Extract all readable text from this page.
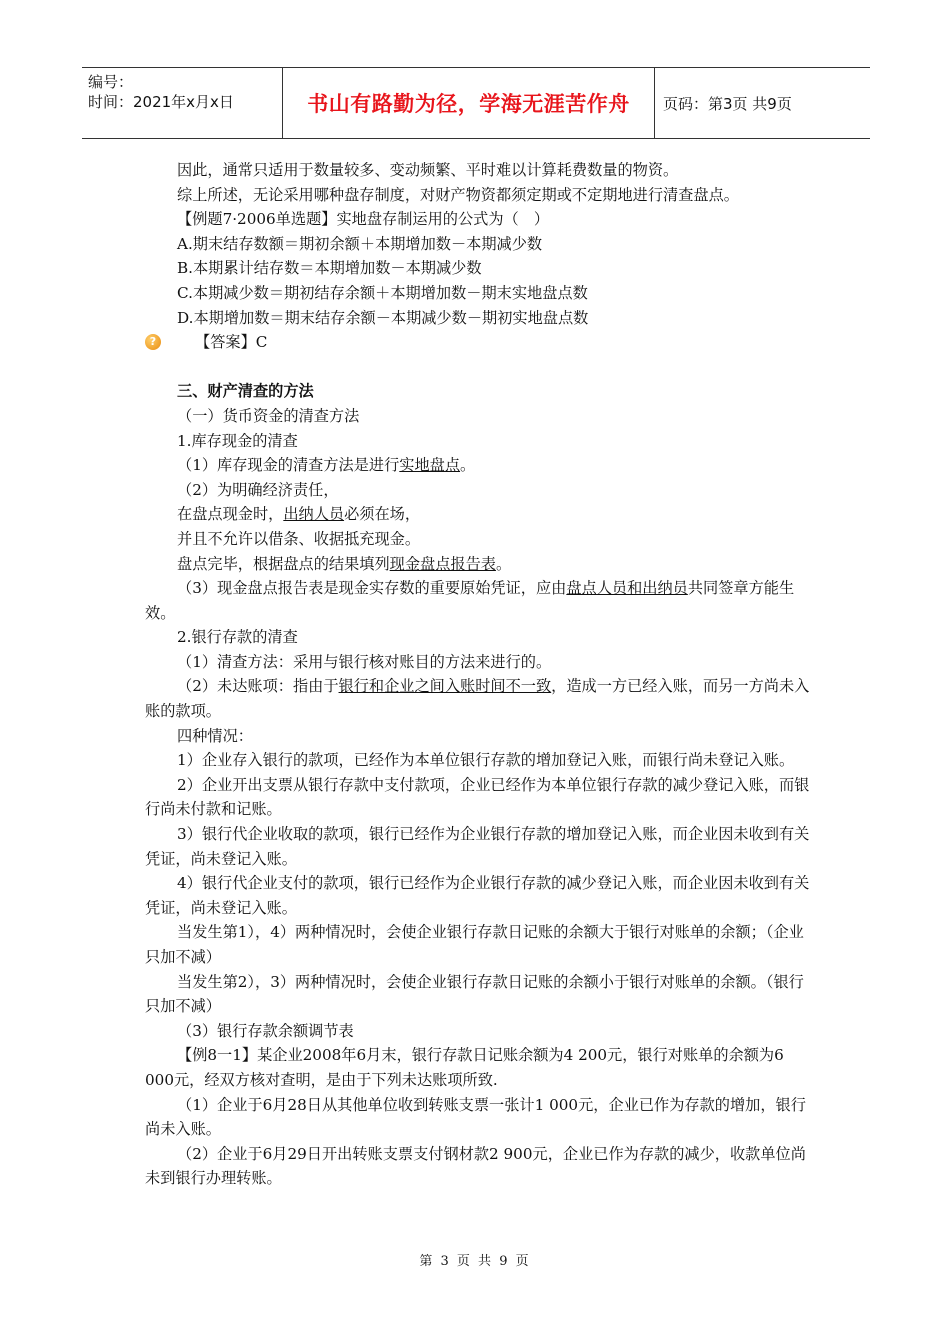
编号：
时间：2021年x月x日	书山有路勤为径，学海无涯苦作舟	页码：第3页 共9页

因此，通常只适用于数量较多、变动频繁、平时难以计算耗费数量的物资。

综上所述，无论采用哪种盘存制度，对财产物资都须定期或不定期地进行清查盘点。

【例题7·2006单选题】实地盘存制运用的公式为（　）

A.期末结存数额＝期初余额＋本期增加数－本期减少数

B.本期累计结存数＝本期增加数－本期减少数

C.本期减少数＝期初结存余额＋本期增加数－期末实地盘点数

D.本期增加数＝期末结存余额－本期减少数－期初实地盘点数

?	【答案】C

三、财产清查的方法

（一）货币资金的清查方法

1.库存现金的清查

（1）库存现金的清查方法是进行实地盘点。

（2）为明确经济责任，

在盘点现金时，出纳人员必须在场，

并且不允许以借条、收据抵充现金。

盘点完毕，根据盘点的结果填列现金盘点报告表。

（3）现金盘点报告表是现金实存数的重要原始凭证，应由盘点人员和出纳员共同签章方能生效。

2.银行存款的清查

（1）清查方法：采用与银行核对账目的方法来进行的。

（2）未达账项：指由于银行和企业之间入账时间不一致，造成一方已经入账，而另一方尚未入账的款项。

四种情况：

1）企业存入银行的款项，已经作为本单位银行存款的增加登记入账，而银行尚未登记入账。

2）企业开出支票从银行存款中支付款项，企业已经作为本单位银行存款的减少登记入账，而银行尚未付款和记账。

3）银行代企业收取的款项，银行已经作为企业银行存款的增加登记入账，而企业因未收到有关凭证，尚未登记入账。

4）银行代企业支付的款项，银行已经作为企业银行存款的减少登记入账，而企业因未收到有关凭证，尚未登记入账。

当发生第1），4）两种情况时，会使企业银行存款日记账的余额大于银行对账单的余额；（企业只加不减）

当发生第2），3）两种情况时，会使企业银行存款日记账的余额小于银行对账单的余额。（银行只加不减）

（3）银行存款余额调节表

【例8一1】某企业2008年6月末，银行存款日记账余额为4 200元，银行对账单的余额为6 000元，经双方核对查明，是由于下列未达账项所致.

（1）企业于6月28日从其他单位收到转账支票一张计1 000元，企业已作为存款的增加，银行尚未入账。

（2）企业于6月29日开出转账支票支付钢材款2 900元，企业已作为存款的减少，收款单位尚未到银行办理转账。

第 3 页 共 9 页
